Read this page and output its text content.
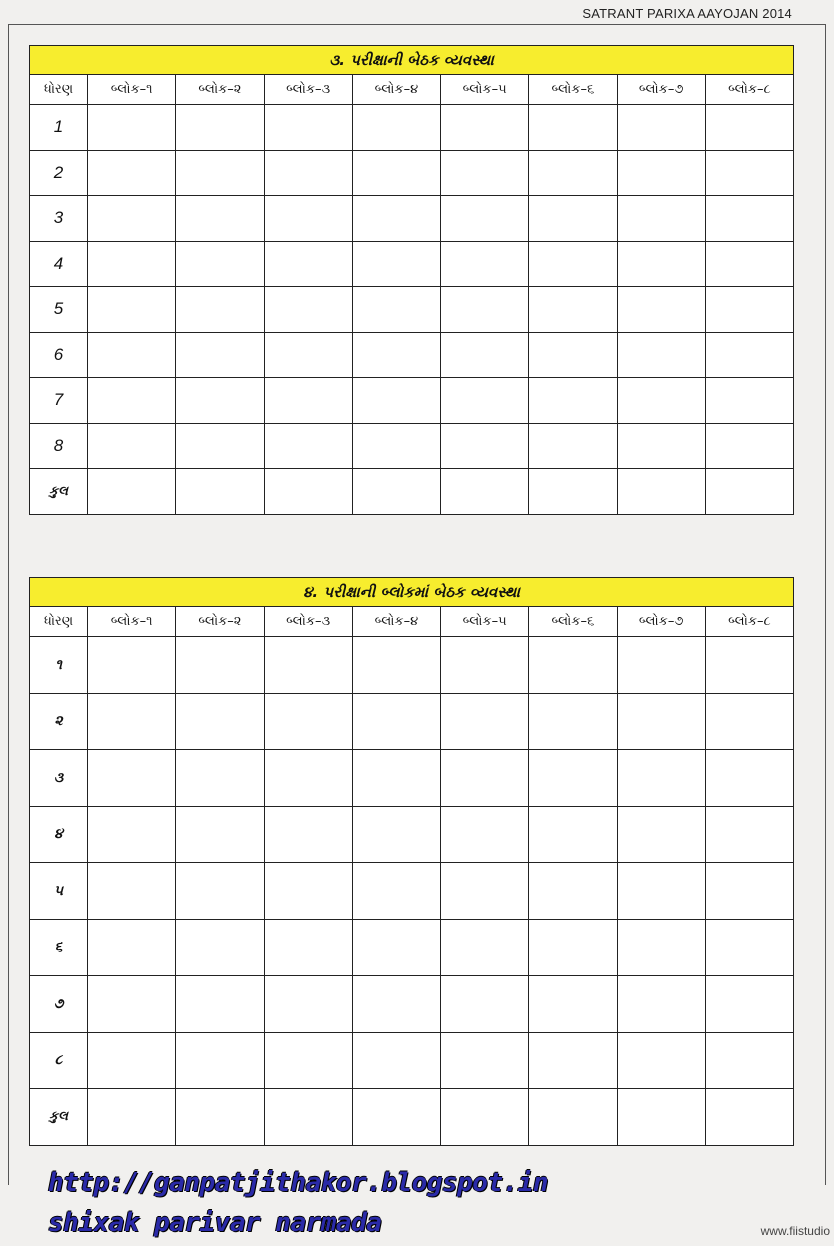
SATRANT PARIXA AAYOJAN 2014
૩. પરીક્ષાની બેઠક વ્યવસ્થા								
ધોરણ	બ્લોક–૧	બ્લોક–૨	બ્લોક–૩	બ્લોક–૪	બ્લોક–૫	બ્લોક–૬	બ્લોક–૭	બ્લોક–૮
1								
2								
3								
4								
5								
6								
7								
8								
કુલ								
૪. પરીક્ષાની બ્લોકમાં બેઠક વ્યવસ્થા								
ધોરણ	બ્લોક–૧	બ્લોક–૨	બ્લોક–૩	બ્લોક–૪	બ્લોક–૫	બ્લોક–૬	બ્લોક–૭	બ્લોક–૮
૧								
૨								
૩								
૪								
૫								
૬								
૭								
૮								
કુલ								
http://ganpatjithakor.blogspot.in
shixak parivar narmada	www.fiistudio
